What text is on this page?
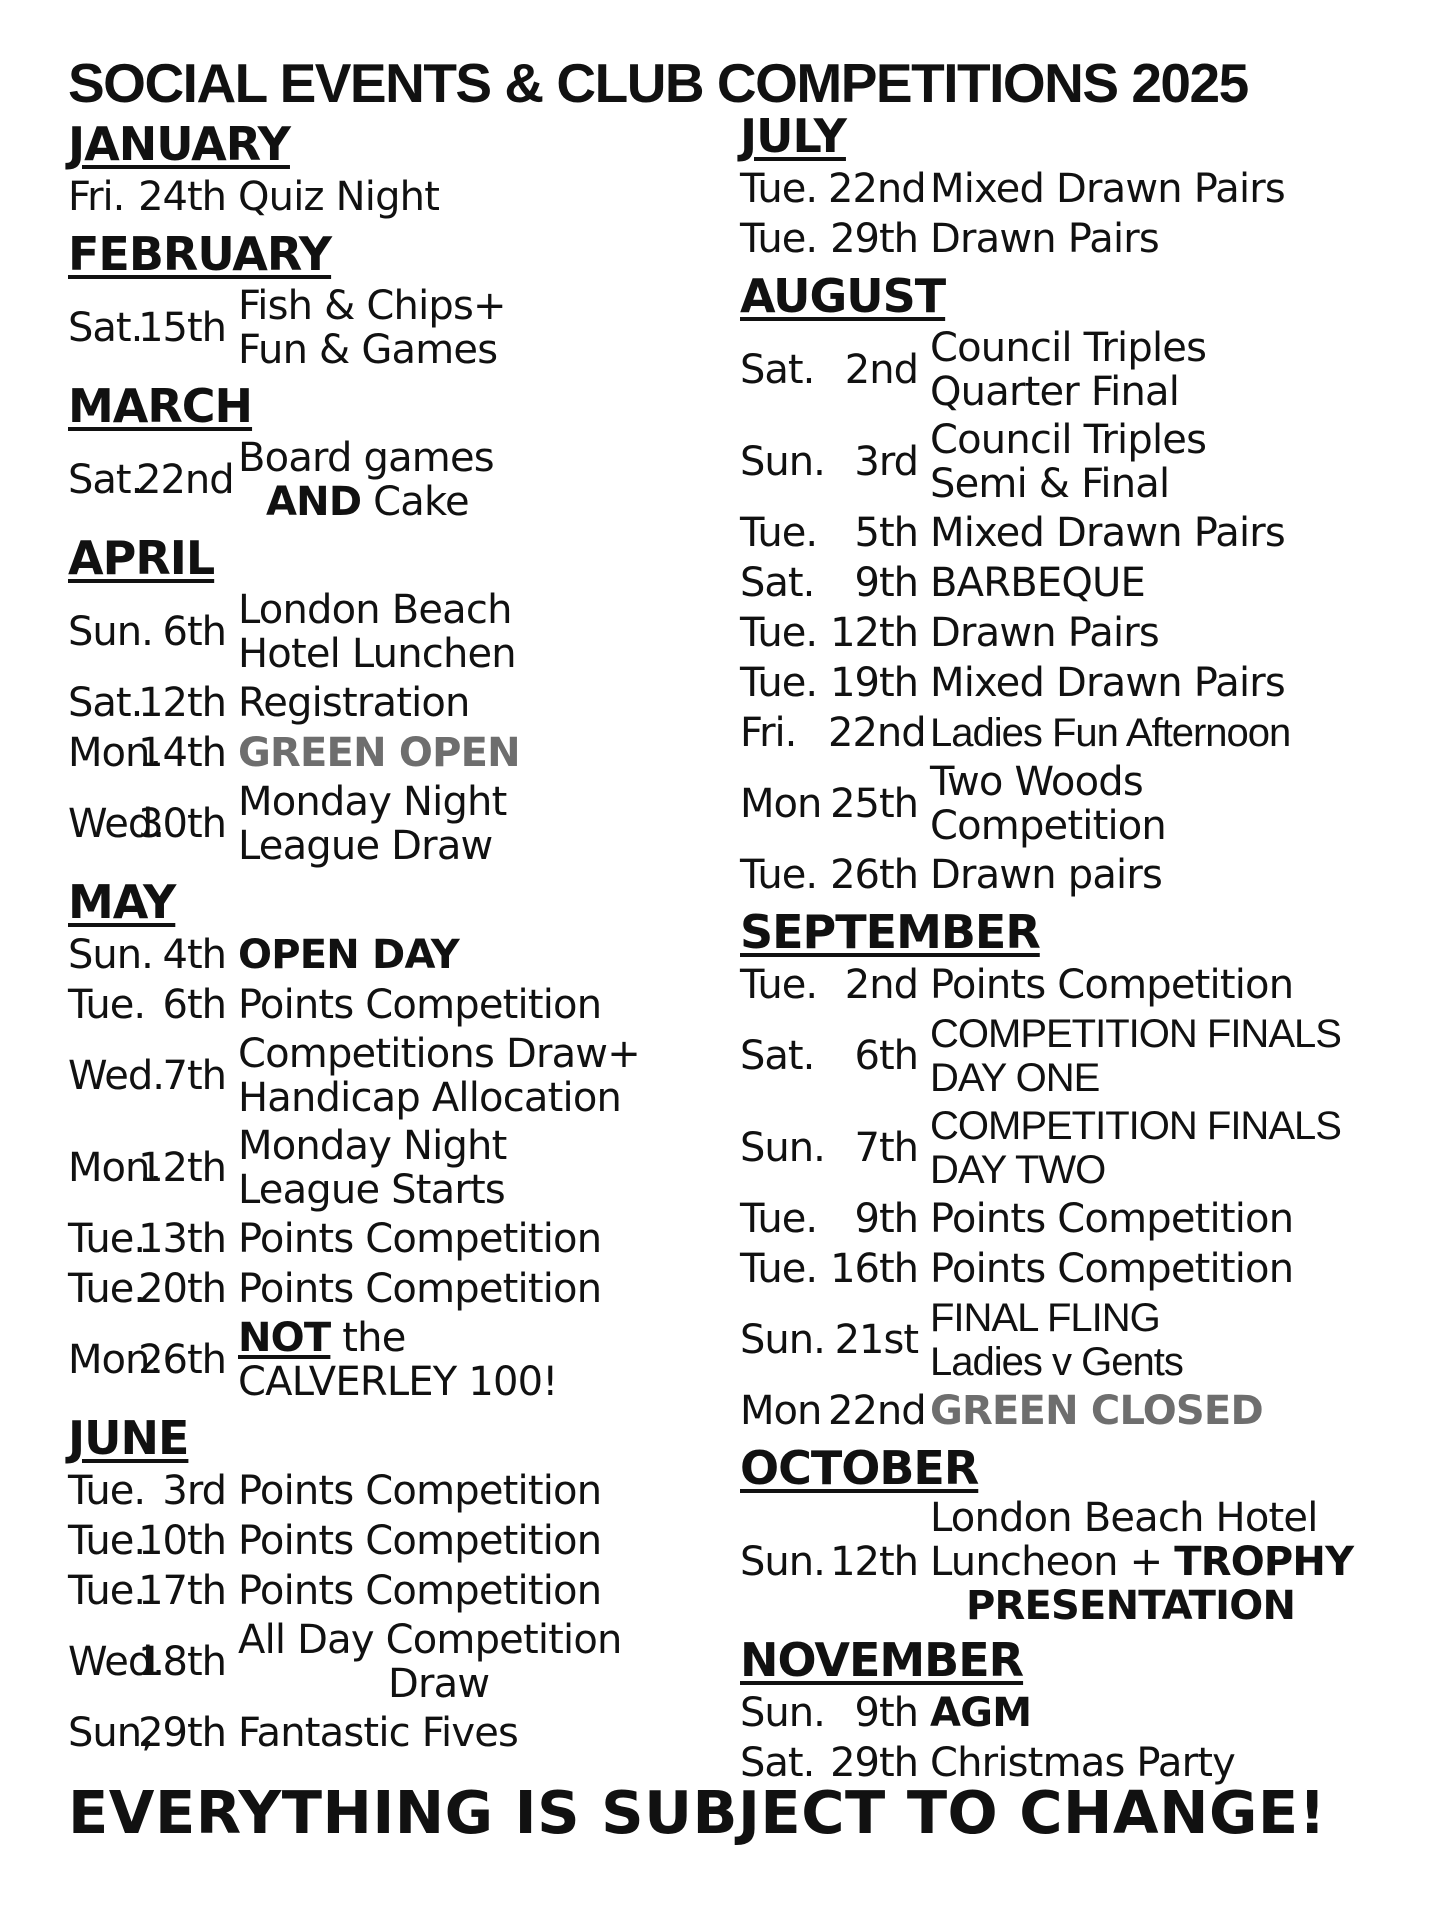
SOCIAL EVENTS & CLUB COMPETITIONS 2025
JANUARY
Fri. 24th Quiz Night
FEBRUARY
Sat.
15th Fish & Chips+
Fun & Games
MARCH
Sat.
22nd Board games
AND Cake
APRIL
Sun. 6th London Beach
Hotel Lunchen
Sat.
12th Registration
Mon.
14th GREEN OPEN
Wed.
30th Monday Night
League Draw
MAY
Sun. 4th OPEN DAY
Tue. 6th Points Competition
Wed.
7th Competitions Draw+
Handicap Allocation
Mon.
12th Monday Night
League Starts
Tue.
13th Points Competition
Tue.
20th Points Competition
Mon.
26th NOT the
CALVERLEY 100!
JUNE
Tue. 3rd Points Competition
Tue.
10th Points Competition
Tue.
17th Points Competition
Wed.
18th All Day Competition
Draw
Sun,
29th Fantastic Fives
JULY
Tue. 22nd Mixed Drawn Pairs
Tue. 29th Drawn Pairs
AUGUST
Sat. 2nd Council Triples
Quarter Final
Sun. 3rd Council Triples
Semi & Final
Tue. 5th Mixed Drawn Pairs
Sat.	9th BARBEQUE
Tue. 12th Drawn Pairs
Tue. 19th Mixed Drawn Pairs
Fri. 22nd Ladies Fun Afternoon
Mon 25th Two Woods
Competition
Tue. 26th Drawn pairs
SEPTEMBER
Tue. 2nd Points Competition
Sat.	6th COMPETITION FINALS
DAY ONE
Sun. 7th COMPETITION FINALS
DAY TWO
Tue. 9th Points Competition
Tue. 16th Points Competition
Sun. 21st FINAL FLING
Ladies v Gents
Mon 22nd GREEN CLOSED
OCTOBER
Sun. 12th
London Beach Hotel
Luncheon + TROPHY
PRESENTATION
NOVEMBER
Sun. 9th AGM
Sat. 29th Christmas Party
EVERYTHING IS SUBJECT TO CHANGE!
